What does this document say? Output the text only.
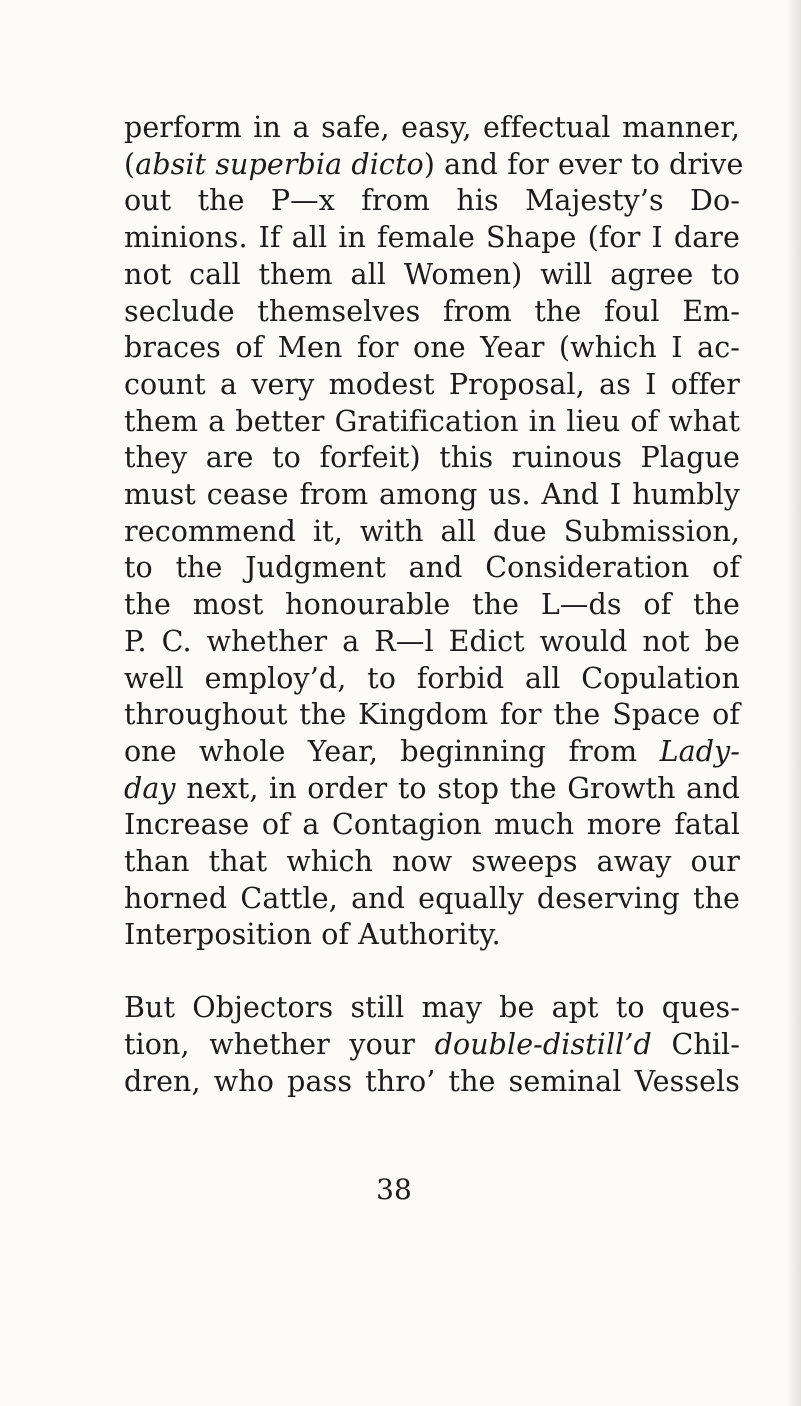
perform in a safe, easy, effectual manner,
(absit superbia dicto) and for ever to drive
out the P—x from his Majesty’s Do-
minions. If all in female Shape (for I dare
not call them all Women) will agree to
seclude themselves from the foul Em-
braces of Men for one Year (which I ac-
count a very modest Proposal, as I offer
them a better Gratification in lieu of what
they are to forfeit) this ruinous Plague
must cease from among us. And I humbly
recommend it, with all due Submission,
to the Judgment and Consideration of
the most honourable the L—ds of the
P. C. whether a R—l Edict would not be
well employ’d, to forbid all Copulation
throughout the Kingdom for the Space of
one whole Year, beginning from Lady-
day next, in order to stop the Growth and
Increase of a Contagion much more fatal
than that which now sweeps away our
horned Cattle, and equally deserving the
Interposition of Authority.
But Objectors still may be apt to ques-
tion, whether your double-distill’d Chil-
dren, who pass thro’ the seminal Vessels
38
